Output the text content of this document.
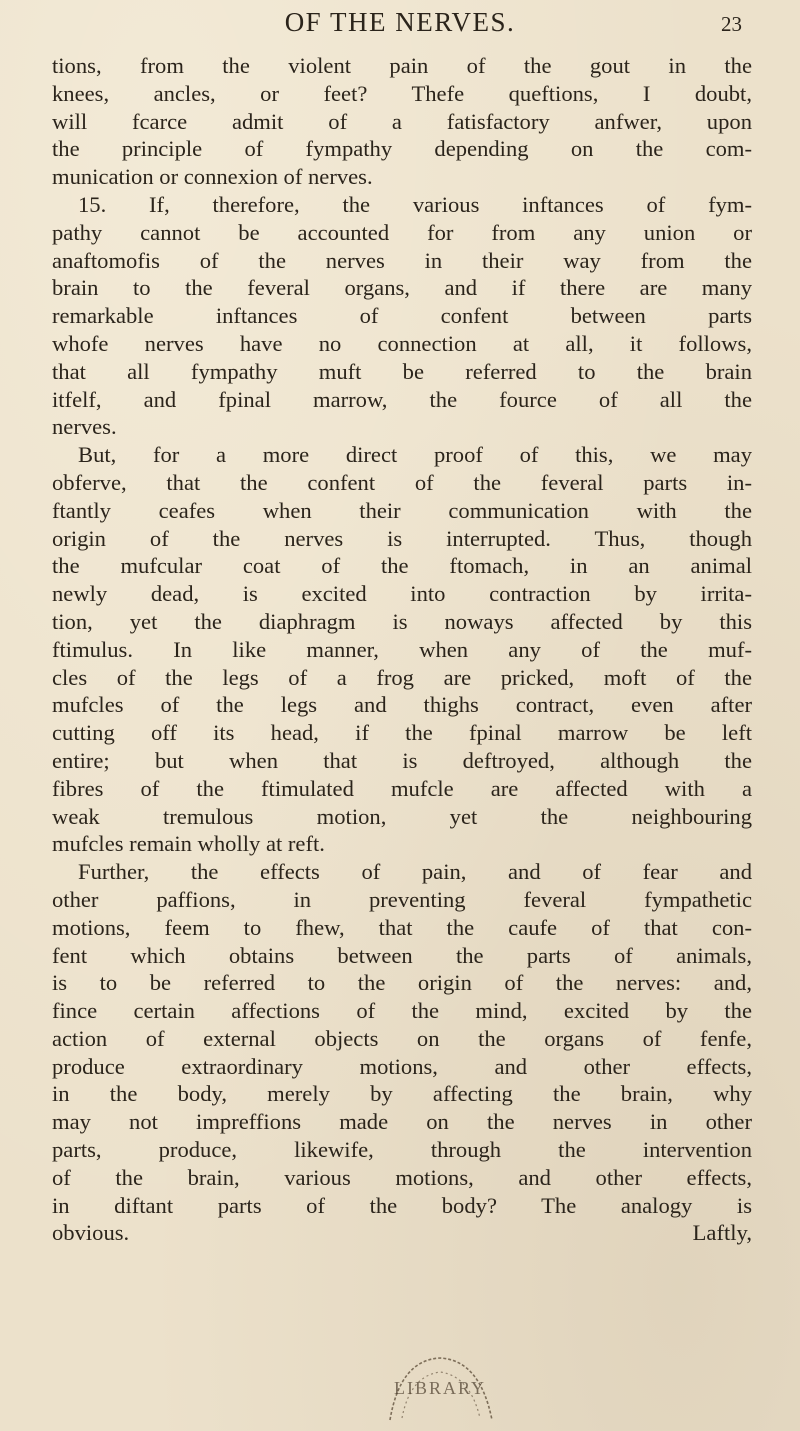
OF THE NERVES.	23
tions, from the violent pain of the gout in the
knees, ancles, or feet? Thefe queftions, I doubt,
will fcarce admit of a fatisfactory anfwer, upon
the principle of fympathy depending on the com-
munication or connexion of nerves.
15. If, therefore, the various inftances of fym-
pathy cannot be accounted for from any union or
anaftomofis of the nerves in their way from the
brain to the feveral organs, and if there are many
remarkable inftances of confent between parts
whofe nerves have no connection at all, it follows,
that all fympathy muft be referred to the brain
itfelf, and fpinal marrow, the fource of all the
nerves.
But, for a more direct proof of this, we may
obferve, that the confent of the feveral parts in-
ftantly ceafes when their communication with the
origin of the nerves is interrupted. Thus, though
the mufcular coat of the ftomach, in an animal
newly dead, is excited into contraction by irrita-
tion, yet the diaphragm is noways affected by this
ftimulus. In like manner, when any of the muf-
cles of the legs of a frog are pricked, moft of the
mufcles of the legs and thighs contract, even after
cutting off its head, if the fpinal marrow be left
entire; but when that is deftroyed, although the
fibres of the ftimulated mufcle are affected with a
weak tremulous motion, yet the neighbouring
mufcles remain wholly at reft.
Further, the effects of pain, and of fear and
other paffions, in preventing feveral fympathetic
motions, feem to fhew, that the caufe of that con-
fent which obtains between the parts of animals,
is to be referred to the origin of the nerves: and,
fince certain affections of the mind, excited by the
action of external objects on the organs of fenfe,
produce extraordinary motions, and other effects,
in the body, merely by affecting the brain, why
may not impreffions made on the nerves in other
parts, produce, likewife, through the intervention
of the brain, various motions, and other effects,
in diftant parts of the body? The analogy is
obvious.	Laftly,
LIBRARY
